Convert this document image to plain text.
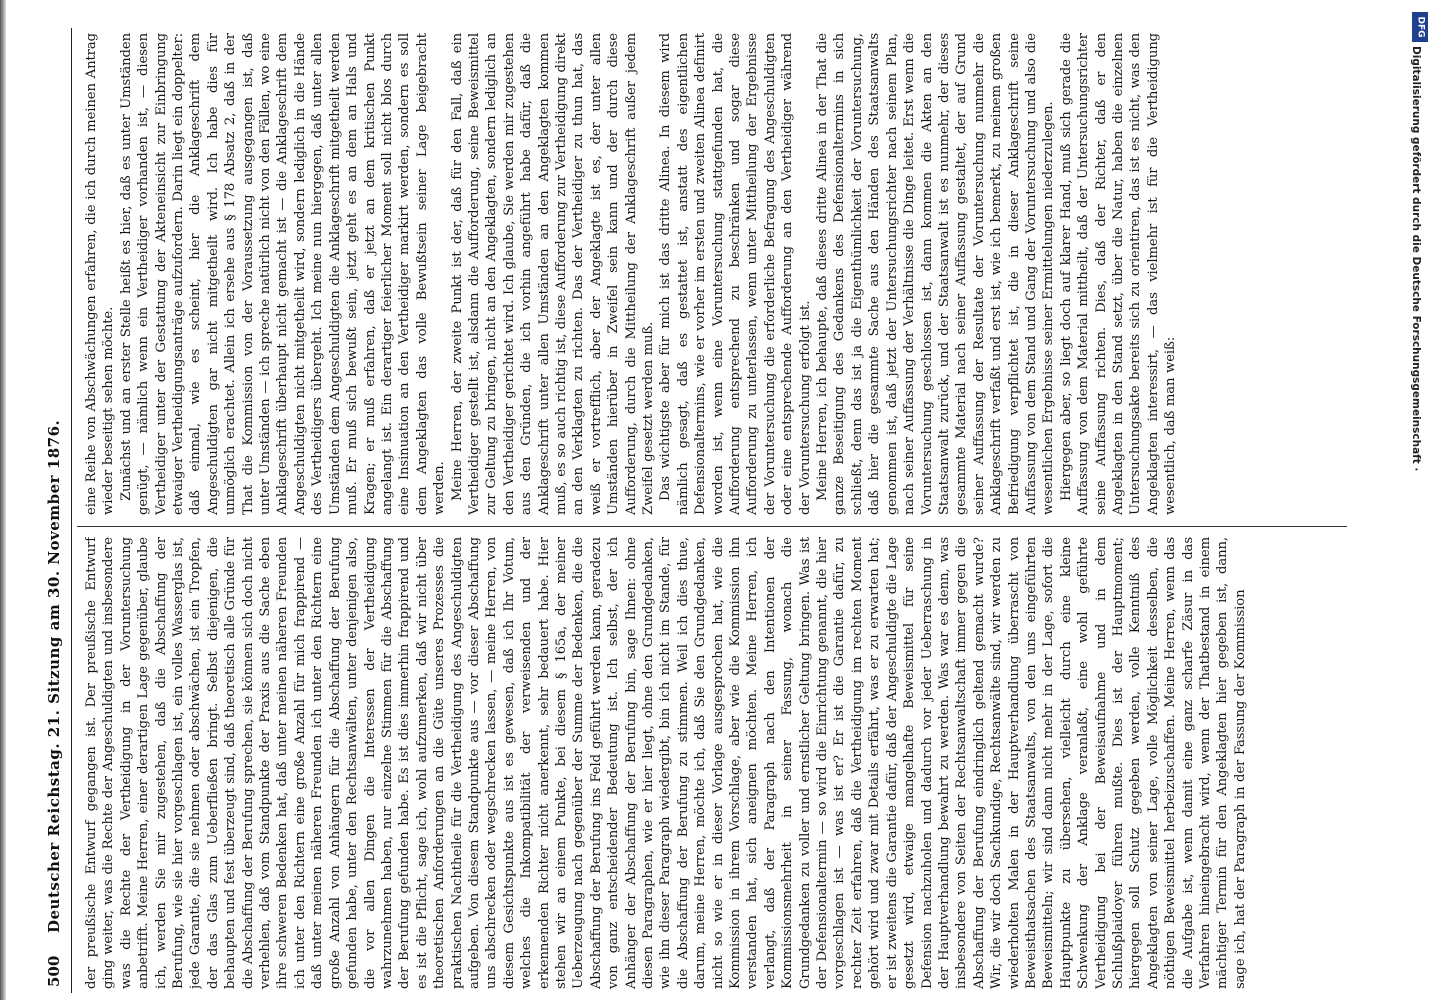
500
Deutscher Reichstag. 21. Sitzung am 30. November 1876. der preußische Entwurf gegangen ist. Der preußische Entwurf ging weiter, was die Rechte der Angeschuldigten und insbesondere was die Rechte der Vertheidigung in der Voruntersuchung anbetrifft. Meine Herren, einer derartigen Lage gegenüber, glaube ich, werden Sie mir zugestehen, daß die Abschaffung der Berufung, wie sie hier vorgeschlagen ist, ein volles Wasserglas ist, jede Garantie, die sie nehmen oder abschwächen, ist ein Tropfen, der das Glas zum Ueberfließen bringt. Selbst diejenigen, die behaupten und fest überzeugt sind, daß theoretisch alle Gründe für die Abschaffung der Berufung sprechen, sie können sich doch nicht verhehlen, daß vom Standpunkte der Praxis aus die Sache eben ihre schweren Bedenken hat, daß unter meinen näheren Freunden ich unter den Richtern eine große Anzahl für mich frappirend — daß unter meinen näheren Freunden ich unter den Richtern eine große Anzahl von Anhängern für die Abschaffung der Berufung gefunden habe, unter den Rechtsanwälten, unter denjenigen also, die vor allen Dingen die Interessen der Vertheidigung wahrzunehmen haben, nur einzelne Stimmen für die Abschaffung der Berufung gefunden habe. Es ist dies immerhin frappirend und es ist die Pflicht, sage ich, wohl aufzumerken, daß wir nicht über theoretischen Anforderungen an die Güte unseres Prozesses die praktischen Nachtheile für die Vertheidigung des Angeschuldigten aufgeben. Von diesem Standpunkte aus — vor dieser Abschaffung uns abschrecken oder wegschrecken lassen, — meine Herren, von diesem Gesichtspunkte aus ist es gewesen, daß ich Ihr Votum, welches die Inkompatibilität der verweisenden und der erkennenden Richter nicht anerkennt, sehr bedauert habe. Hier stehen wir an einem Punkte, bei diesem § 165a, der meiner Ueberzeugung nach gegenüber der Summe der Bedenken, die die Abschaffung der Berufung ins Feld geführt werden kann, geradezu von ganz entscheidender Bedeutung ist. Ich selbst, der ich Anhänger der Abschaffung der Berufung bin, sage Ihnen: ohne diesen Paragraphen, wie er hier liegt, ohne den Grundgedanken, wie ihn dieser Paragraph wiedergibt, bin ich nicht im Stande, für die Abschaffung der Berufung zu stimmen. Weil ich dies thue, darum, meine Herren, möchte ich, daß Sie den Grundgedanken, nicht so wie er in dieser Vorlage ausgesprochen hat, wie die Kommission in ihrem Vorschlage, aber wie die Kommission ihn verstanden hat, sich aneignen möchten. Meine Herren, ich verlangt, daß der Paragraph nach den Intentionen der Kommissionsmehrheit in seiner Fassung, wonach die Grundgedanken zu voller und ernstlicher Geltung bringen. Was ist der Defensionaltermin — so wird die Einrichtung genannt, die hier vorgeschlagen ist — was ist er? Er ist die Garantie dafür, zu rechter Zeit erfahren, daß die Vertheidigung im rechten Moment gehört wird und zwar mit Details erfährt, was er zu erwarten hat; er ist zweitens die Garantie dafür, daß der Angeschuldigte die Lage gesetzt wird, etwaige mangelhafte Beweismittel für seine Defension nachzuholen und dadurch vor jeder Ueberraschung in der Hauptverhandlung bewahrt zu werden. Was war es denn, was insbesondere von Seiten der Rechtsanwaltschaft immer gegen die Abschaffung der Berufung eindringlich geltend gemacht wurde? Wir, die wir doch Sachkundige, Rechtsanwälte sind, wir werden zu wiederholten Malen in der Hauptverhandlung überrascht von Beweisthatsachen des Staatsanwalts, von den uns eingeführten Beweismitteln; wir sind dann nicht mehr in der Lage, sofort die Hauptpunkte zu übersehen, vielleicht durch eine kleine Schwenkung der Anklage veranlaßt, eine wohl geführte Vertheidigung bei der Beweisaufnahme und in dem Schlußplaidoyer führen mußte. Dies ist der Hauptmoment; hiergegen soll Schutz gegeben werden, volle Kenntniß des Angeklagten von seiner Lage, volle Möglichkeit desselben, die nöthigen Beweismittel herbeizuschaffen. Meine Herren, wenn das die Aufgabe ist, wenn damit eine ganz scharfe Zäsur in das Verfahren hineingebracht wird, wenn der Thatbestand in einem mächtiger Termin für den Angeklagten hier gegeben ist, dann, sage ich, hat der Paragraph in der Fassung der Kommission

eine Reihe von Abschwächungen erfahren, die ich durch meinen Antrag wieder beseitigt sehen möchte. Zunächst und an erster Stelle heißt es hier, daß es unter Umständen genügt, — nämlich wenn ein Vertheidiger vorhanden ist, — diesen Vertheidiger unter der Gestattung der Akteneinsicht zur Einbringung etwaiger Vertheidigungsanträge aufzufordern. Darin liegt ein doppelter: daß einmal, wie es scheint, hier die Anklageschrift dem Angeschuldigten gar nicht mitgetheilt wird. Ich habe dies für unmöglich erachtet. Allein ich ersehe aus § 178 Absatz 2, daß in der That die Kommission von der Voraussetzung ausgegangen ist, daß unter Umständen — ich spreche natürlich nicht von den Fällen, wo eine Anklageschrift überhaupt nicht gemacht ist — die Anklageschrift dem Angeschuldigten nicht mitgetheilt wird, sondern lediglich in die Hände des Vertheidigers übergeht. Ich meine nun hiergegen, daß unter allen Umständen dem Angeschuldigten die Anklageschrift mitgetheilt werden muß. Er muß sich bewußt sein, jetzt geht es an dem an Hals und Kragen; er muß erfahren, daß er jetzt an dem kritischen Punkt angelangt ist. Ein derartiger feierlicher Moment soll nicht blos durch eine Insinuation an den Vertheidiger markirt werden, sondern es soll dem Angeklagten das volle Bewußtsein seiner Lage beigebracht werden. Meine Herren, der zweite Punkt ist der, daß für den Fall, daß ein Vertheidiger gestellt ist, alsdann die Aufforderung, seine Beweismittel zur Geltung zu bringen, nicht an den Angeklagten, sondern lediglich an den Vertheidiger gerichtet wird. Ich glaube, Sie werden mir zugestehen aus den Gründen, die ich vorhin angeführt habe dafür, daß die Anklageschrift unter allen Umständen an den Angeklagten kommen muß, es so auch richtig ist, diese Aufforderung zur Vertheidigung direkt an den Verklagten zu richten. Das der Vertheidiger zu thun hat, das weiß er vortrefflich, aber der Angeklagte ist es, der unter allen Umständen hierüber in Zweifel sein kann und der durch diese Aufforderung, durch die Mittheilung der Anklageschrift außer jedem Zweifel gesetzt werden muß. Das wichtigste aber für mich ist das dritte Alinea. In diesem wird nämlich gesagt, daß es gestattet ist, anstatt des eigentlichen Defensionaltermins, wie er vorher im ersten und zweiten Alinea definirt worden ist, wenn eine Voruntersuchung stattgefunden hat, die Aufforderung entsprechend zu beschränken und sogar diese Aufforderung zu unterlassen, wenn unter Mittheilung der Ergebnisse der Voruntersuchung die erforderliche Befragung des Angeschuldigten oder eine entsprechende Aufforderung an den Vertheidiger während der Voruntersuchung erfolgt ist. Meine Herren, ich behaupte, daß dieses dritte Alinea in der That die ganze Beseitigung des Gedankens des Defensionaltermins in sich schließt, denn das ist ja die Eigenthümlichkeit der Voruntersuchung, daß hier die gesammte Sache aus den Händen des Staatsanwalts genommen ist, daß jetzt der Untersuchungsrichter nach seinem Plan, nach seiner Auffassung der Verhältnisse die Dinge leitet. Erst wenn die Voruntersuchung geschlossen ist, dann kommen die Akten an den Staatsanwalt zurück, und der Staatsanwalt ist es nunmehr, der dieses gesammte Material nach seiner Auffassung gestaltet, der auf Grund seiner Auffassung der Resultate der Voruntersuchung nunmehr die Anklageschrift verfaßt und erst ist, wie ich bemerkt, zu meinem großen Befriedigung verpflichtet ist, die in dieser Anklageschrift seine Auffassung von dem Stand und Gang der Voruntersuchung und also die wesentlichen Ergebnisse seiner Ermittelungen niederzulegen. Hiergegen aber, so liegt doch auf klarer Hand, muß sich gerade die Auffassung von dem Material mittheilt, daß der Untersuchungsrichter seine Auffassung richten. Dies, daß der Richter, daß er den Angeklagten in den Stand setzt, über die Natur, haben die einzelnen Untersuchungsakte bereits sich zu orientiren, das ist es nicht, was den Angeklagten interessirt, — das vielmehr ist für die Vertheidigung wesentlich, daß man weiß:

DFG
Digitalisierung gefördert durch die Deutsche Forschungsgemeinschaft ·
